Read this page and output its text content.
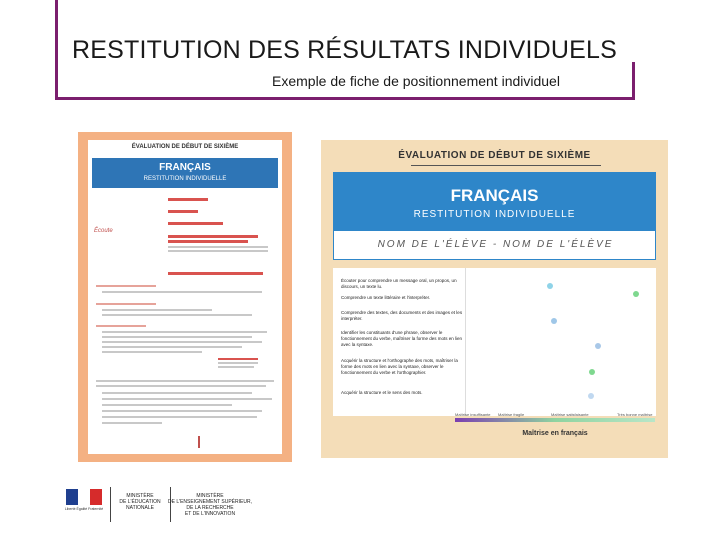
RESTITUTION DES RÉSULTATS INDIVIDUELS
Exemple de fiche de positionnement individuel
ÉVALUATION DE DÉBUT DE SIXIÈME
FRANÇAIS
RESTITUTION INDIVIDUELLE
Écoute
ÉVALUATION DE DÉBUT DE SIXIÈME
FRANÇAIS
RESTITUTION INDIVIDUELLE
NOM DE L'ÉLÈVE - NOM DE L'ÉLÈVE
Écouter pour comprendre un message oral, un propos, un discours, un texte lu.
Comprendre un texte littéraire et l'interpréter.
Comprendre des textes, des documents et des images et les interpréter.
Identifier les constituants d'une phrase, observer le fonctionnement du verbe, maîtriser la forme des mots en lien avec la syntaxe.
Acquérir la structure et l'orthographe des mots, maîtriser la forme des mots en lien avec la syntaxe, observer le fonctionnement du verbe et l'orthographier.
Acquérir la structure et le sens des mots.
Maîtrise insuffisante Maîtrise fragile	Maîtrise satisfaisante	Très bonne maîtrise
Maîtrise en français
Liberté Égalité Fraternité
MINISTÈRE
DE L'ÉDUCATION
NATIONALE
MINISTÈRE
DE L'ENSEIGNEMENT SUPÉRIEUR,
DE LA RECHERCHE
ET DE L'INNOVATION
